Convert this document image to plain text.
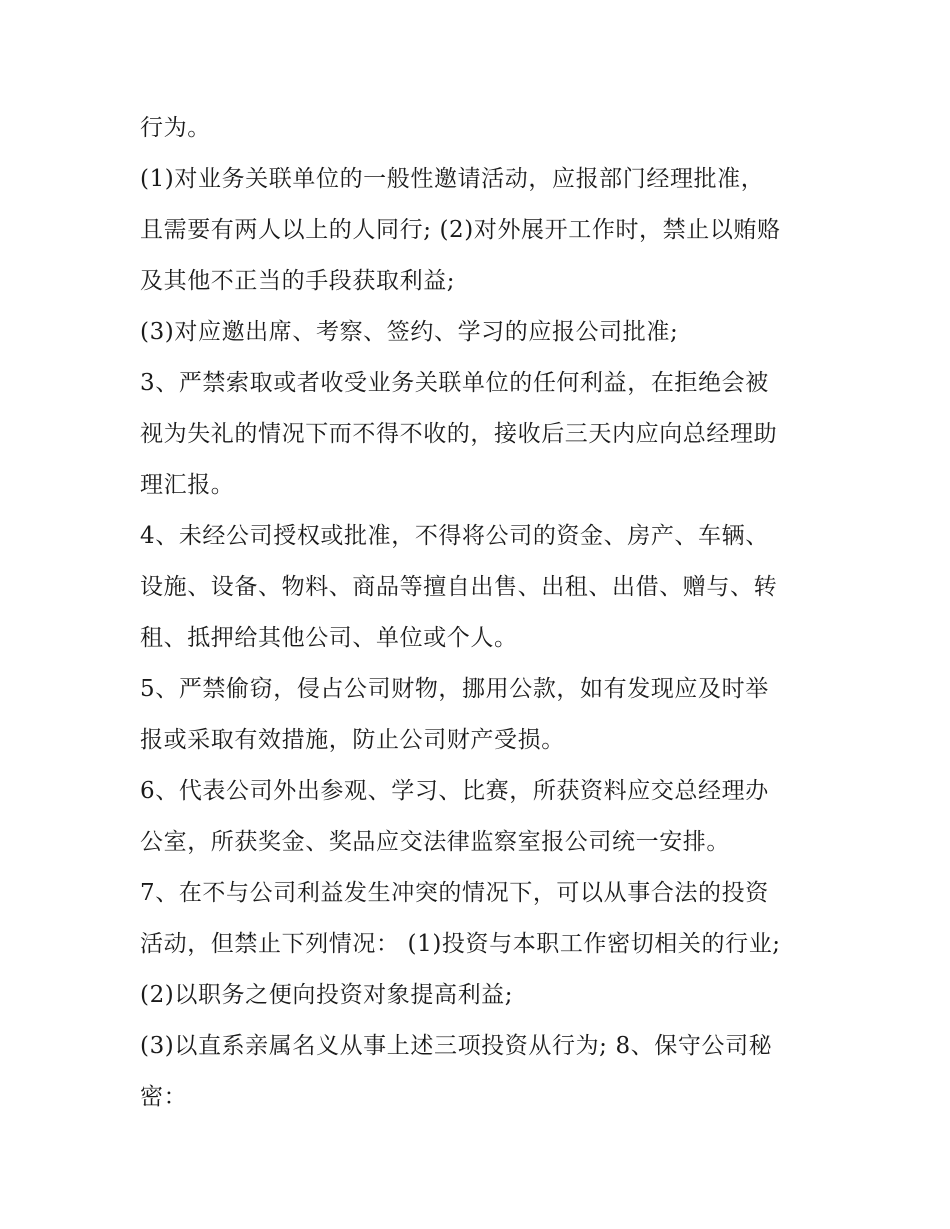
行为。
(1)对业务关联单位的一般性邀请活动，应报部门经理批准，
且需要有两人以上的人同行; (2)对外展开工作时，禁止以贿赂
及其他不正当的手段获取利益;
(3)对应邀出席、考察、签约、学习的应报公司批准;
3、严禁索取或者收受业务关联单位的任何利益，在拒绝会被
视为失礼的情况下而不得不收的，接收后三天内应向总经理助
理汇报。
4、未经公司授权或批准，不得将公司的资金、房产、车辆、
设施、设备、物料、商品等擅自出售、出租、出借、赠与、转
租、抵押给其他公司、单位或个人。
5、严禁偷窃，侵占公司财物，挪用公款，如有发现应及时举
报或采取有效措施，防止公司财产受损。
6、代表公司外出参观、学习、比赛，所获资料应交总经理办
公室，所获奖金、奖品应交法律监察室报公司统一安排。
7、在不与公司利益发生冲突的情况下，可以从事合法的投资
活动，但禁止下列情况： (1)投资与本职工作密切相关的行业;
(2)以职务之便向投资对象提高利益;
(3)以直系亲属名义从事上述三项投资从行为; 8、保守公司秘
密：
